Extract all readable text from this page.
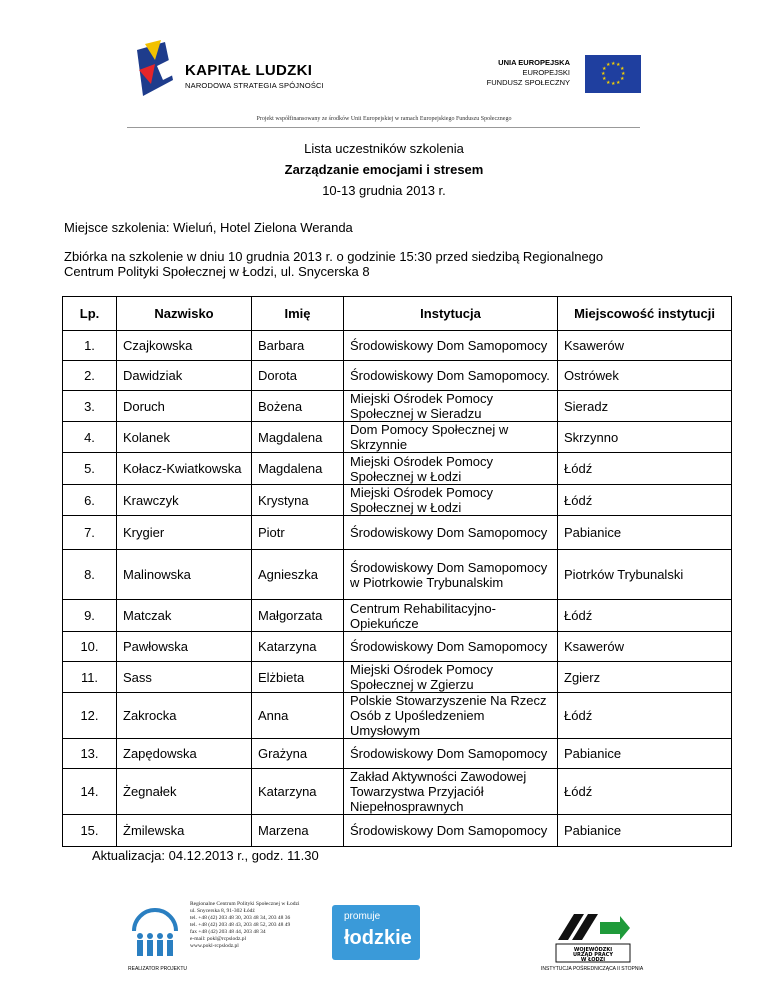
KAPITAŁ LUDZKI
NARODOWA STRATEGIA SPÓJNOŚCI
UNIA EUROPEJSKA
EUROPEJSKI
FUNDUSZ SPOŁECZNY
★ ★
★
★
★
★
★
★
★
★
★
★
Projekt współfinansowany ze środków Unii Europejskiej w ramach Europejskiego Funduszu Społecznego
Lista uczestników szkolenia
Zarządzanie emocjami i stresem
10-13 grudnia 2013 r.
Miejsce szkolenia: Wieluń, Hotel Zielona Weranda
Zbiórka na szkolenie w dniu 10 grudnia 2013 r. o godzinie 15:30 przed siedzibą Regionalnego
Centrum Polityki Społecznej w Łodzi, ul. Snycerska 8
Lp.	Nazwisko	Imię	Instytucja	Miejscowość instytucji
1.	Czajkowska	Barbara	Środowiskowy Dom Samopomocy	Ksawerów
2.	Dawidziak	Dorota	Środowiskowy Dom Samopomocy.	Ostrówek
3.	Doruch	Bożena	Miejski Ośrodek Pomocy Społecznej w Sieradzu	Sieradz
4.	Kolanek	Magdalena	Dom Pomocy Społecznej w Skrzynnie	Skrzynno
5.	Kołacz-Kwiatkowska	Magdalena	Miejski Ośrodek Pomocy Społecznej w Łodzi	Łódź
6.	Krawczyk	Krystyna	Miejski Ośrodek Pomocy Społecznej w Łodzi	Łódź
7.	Krygier	Piotr	Środowiskowy Dom Samopomocy	Pabianice
8.	Malinowska	Agnieszka	Środowiskowy Dom Samopomocy w Piotrkowie Trybunalskim	Piotrków Trybunalski
9.	Matczak	Małgorzata	Centrum Rehabilitacyjno-Opiekuńcze	Łódź
10.	Pawłowska	Katarzyna	Środowiskowy Dom Samopomocy	Ksawerów
11.	Sass	Elżbieta	Miejski Ośrodek Pomocy Społecznej w Zgierzu	Zgierz
12.	Zakrocka	Anna	Polskie Stowarzyszenie Na Rzecz Osób z Upośledzeniem Umysłowym	Łódź
13.	Zapędowska	Grażyna	Środowiskowy Dom Samopomocy	Pabianice
14.	Żegnałek	Katarzyna	Zakład Aktywności Zawodowej Towarzystwa Przyjaciół Niepełnosprawnych	Łódź
15.	Żmilewska	Marzena	Środowiskowy Dom Samopomocy	Pabianice
Aktualizacja: 04.12.2013 r., godz. 11.30
REALIZATOR PROJEKTU
Regionalne Centrum Polityki Społecznej w Łodzi
ul. Snycerska 8, 91-302 Łódź
tel. +48 (42) 203 48 30, 203 48 34, 203 48 36
tel. +48 (42) 203 48 43, 203 48 52, 203 48 49
fax +48 (42) 203 48 44, 203 48 34
e-mail: pokl@rcpslodz.pl
www.pokl-rcpslodz.pl
promuje
łodzkie
WOJEWÓDZKI
URZĄD PRACY
W ŁODZI
INSTYTUCJA POŚREDNICZĄCA II STOPNIA
